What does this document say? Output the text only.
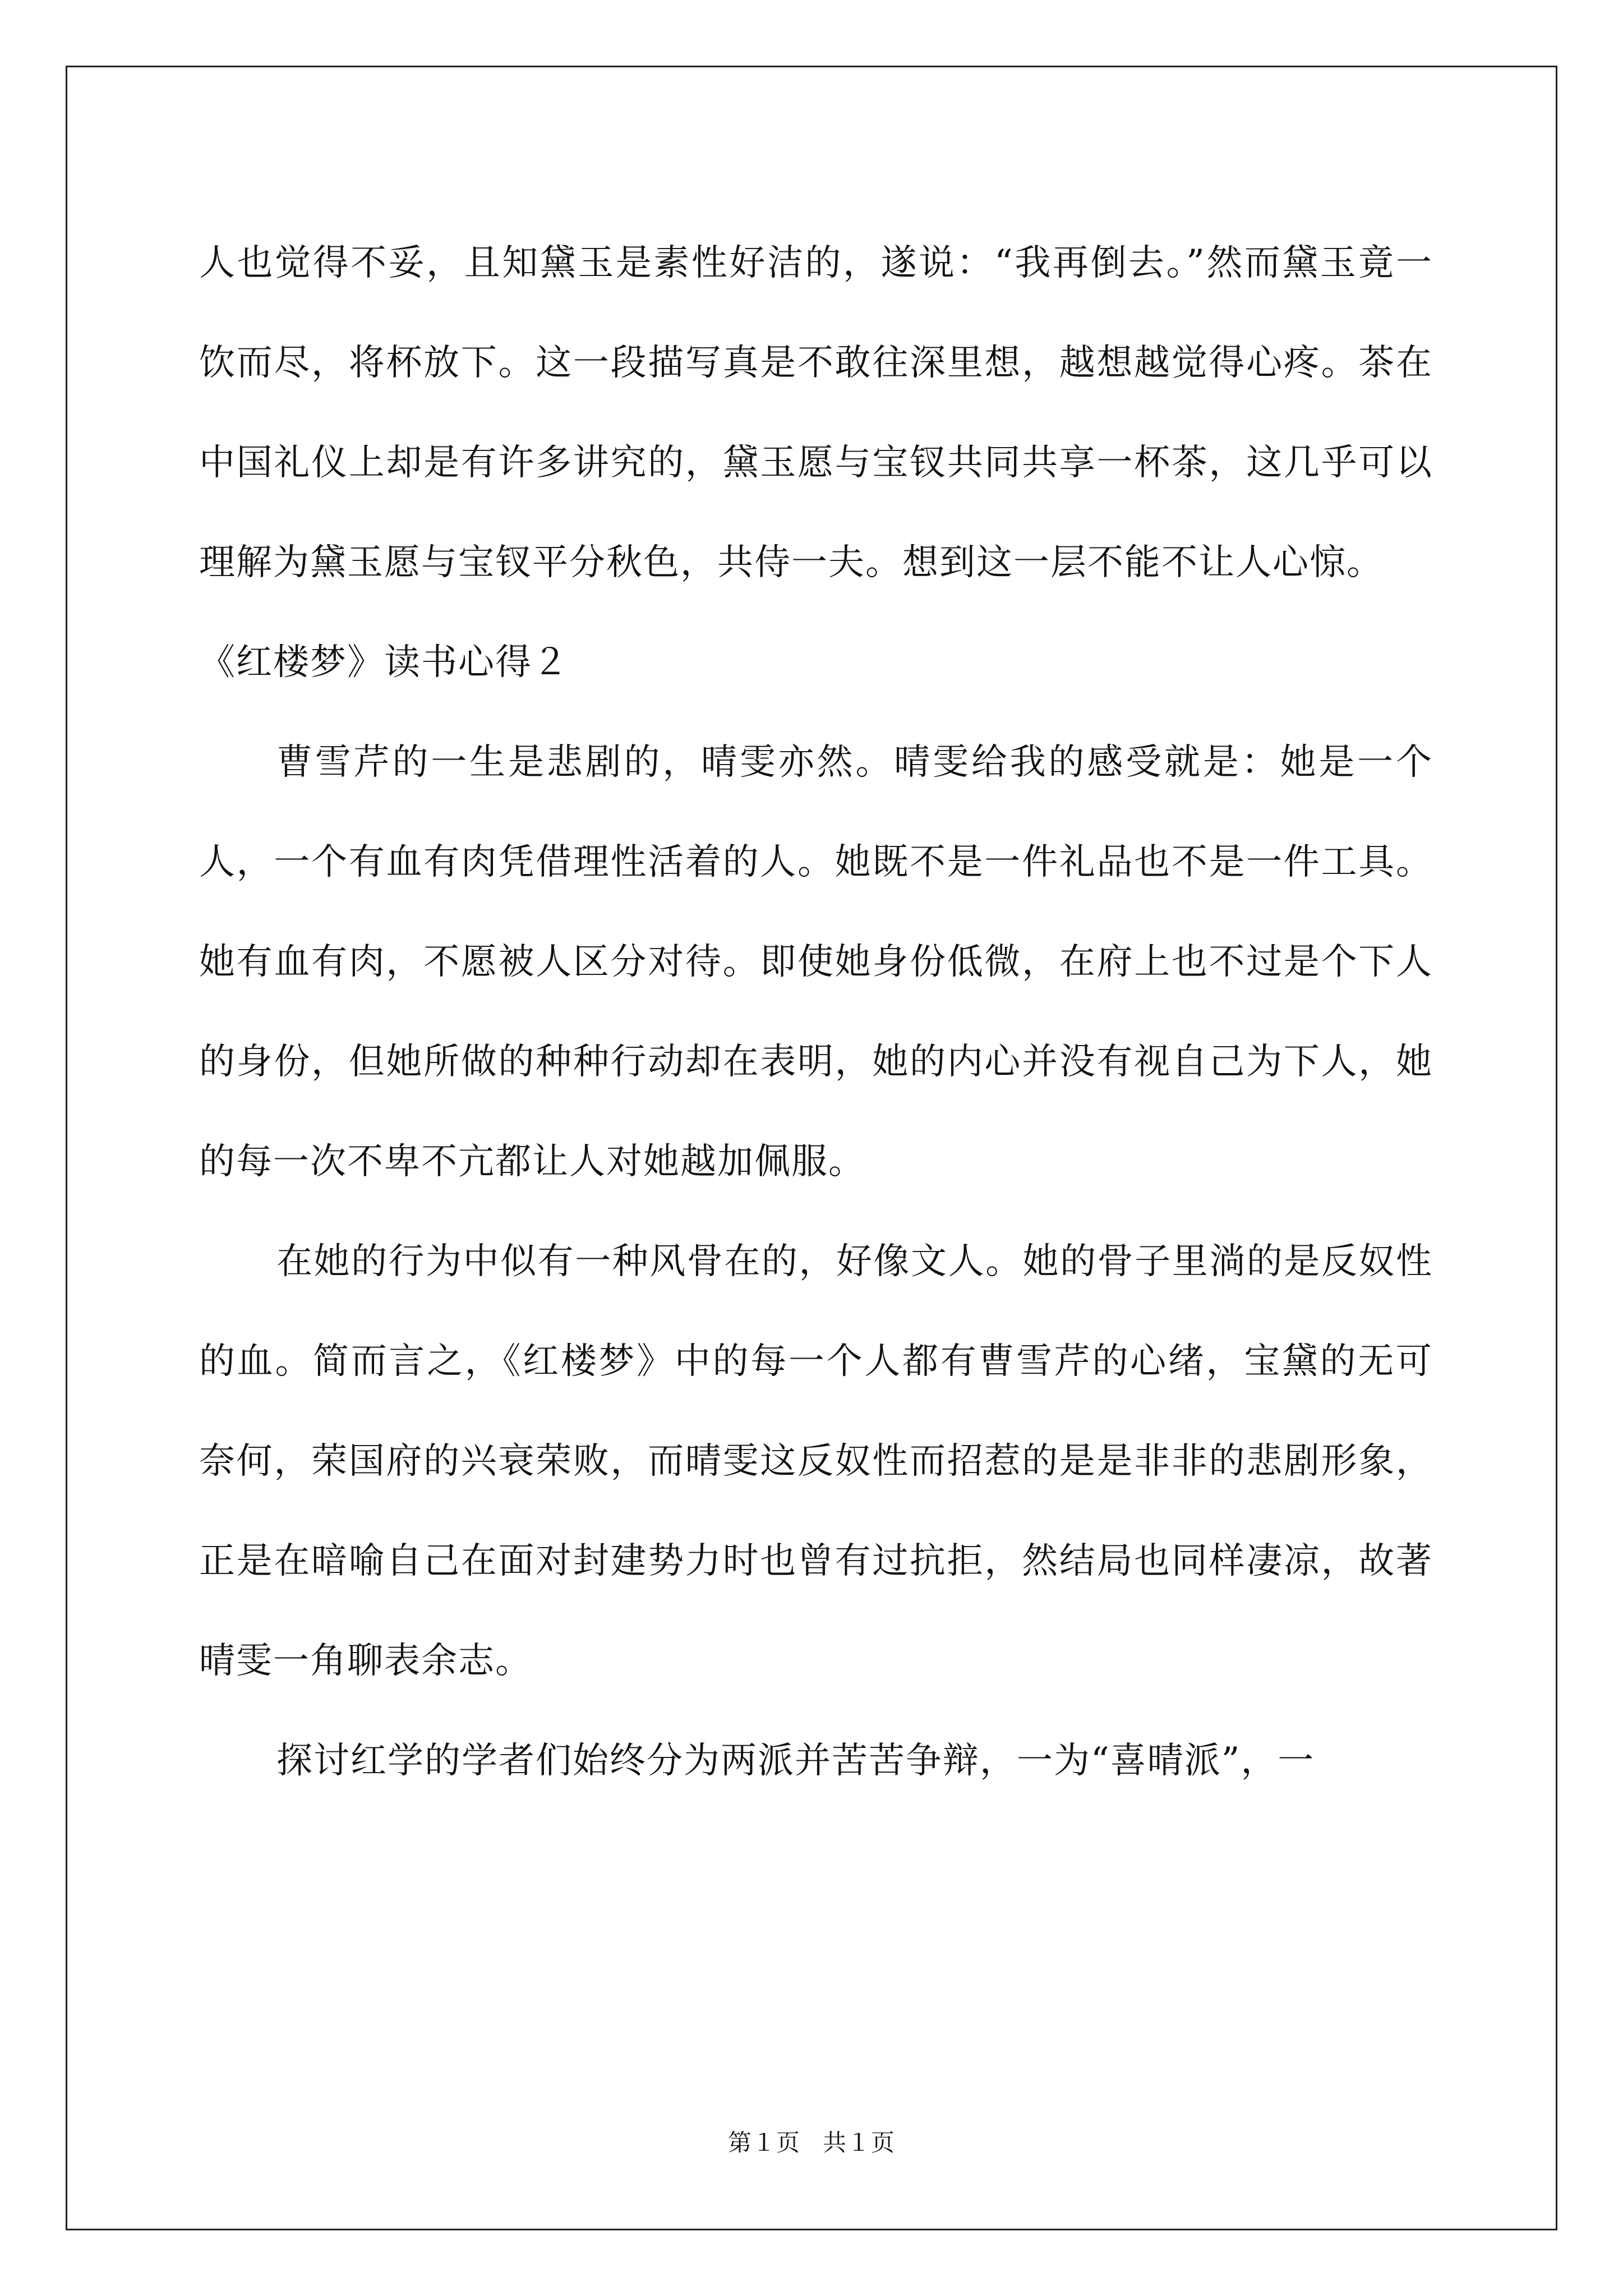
人也觉得不妥，且知黛玉是素性好洁的，遂说：“我再倒去。”然而黛玉竟一饮而尽，将杯放下。这一段描写真是不敢往深里想，越想越觉得心疼。茶在中国礼仪上却是有许多讲究的，黛玉愿与宝钗共同共享一杯茶，这几乎可以理解为黛玉愿与宝钗平分秋色，共侍一夫。想到这一层不能不让人心惊。

《红楼梦》读书心得２

曹雪芹的一生是悲剧的，晴雯亦然。晴雯给我的感受就是：她是一个人，一个有血有肉凭借理性活着的人。她既不是一件礼品也不是一件工具。她有血有肉，不愿被人区分对待。即使她身份低微，在府上也不过是个下人的身份，但她所做的种种行动却在表明，她的内心并没有视自己为下人，她的每一次不卑不亢都让人对她越加佩服。

在她的行为中似有一种风骨在的，好像文人。她的骨子里淌的是反奴性的血。简而言之，《红楼梦》中的每一个人都有曹雪芹的心绪，宝黛的无可奈何，荣国府的兴衰荣败，而晴雯这反奴性而招惹的是是非非的悲剧形象，正是在暗喻自己在面对封建势力时也曾有过抗拒，然结局也同样凄凉，故著晴雯一角聊表余志。

探讨红学的学者们始终分为两派并苦苦争辩，一为“喜晴派”，一

第１页 共１页
